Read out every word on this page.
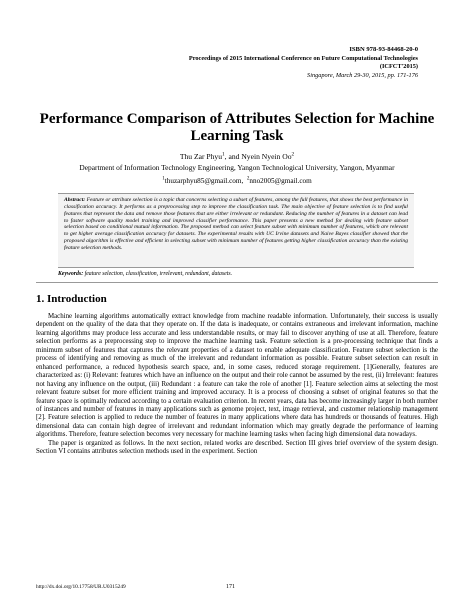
ISBN 978-93-84468-20-0
Proceedings of 2015 International Conference on Future Computational Technologies
(ICFCT'2015)
Singapore, March 29-30, 2015, pp. 171-176
Performance Comparison of Attributes Selection for Machine Learning Task
Thu Zar Phyu$^1$, and Nyein Nyein Oo$^2$
Department of Information Technology Engineering, Yangon Technological University, Yangon, Myanmar
$^1$thuzarphyu85@gmail.com,  $^2$nno2005@gmail.com
Abstract: Feature or attribute selection is a topic that concerns selecting a subset of features, among the full features, that shows the best performance in classification accuracy. It performs as a preprocessing step to improve the classification task. The main objective of feature selection is to find useful features that represent the data and remove those features that are either irrelevant or redundant. Reducing the number of features in a dataset can lead to faster software quality model training and improved classifier performance. This paper presents a new method for dealing with feature subset selection based on conditional mutual information. The proposed method can select feature subset with minimum number of features, which are relevant to get higher average classification accuracy for datasets. The experimental results with UC Irvine datasets and Naive Bayes classifier showed that the proposed algorithm is effective and efficient in selecting subset with minimum number of features getting higher classification accuracy than the existing feature selection methods.
Keywords: feature selection, classification, irrelevant, redundant, datasets.
1. Introduction

Machine learning algorithms automatically extract knowledge from machine readable information. Unfortunately, their success is usually dependent on the quality of the data that they operate on. If the data is inadequate, or contains extraneous and irrelevant information, machine learning algorithms may produce less accurate and less understandable results, or may fail to discover anything of use at all. Therefore, feature selection performs as a preprocessing step to improve the machine learning task. Feature selection is a pre-processing technique that finds a minimum subset of features that captures the relevant properties of a dataset to enable adequate classification. Feature subset selection is the process of identifying and removing as much of the irrelevant and redundant information as possible. Feature subset selection can result in enhanced performance, a reduced hypothesis search space, and, in some cases, reduced storage requirement. [1]Generally, features are characterized as: (i) Relevant: features which have an influence on the output and their role cannot be assumed by the rest, (ii) Irrelevant: features not having any influence on the output, (iii) Redundant : a feature can take the role of another [1]. Feature selection aims at selecting the most relevant feature subset for more efficient training and improved accuracy. It is a process of choosing a subset of original features so that the feature space is optimally reduced according to a certain evaluation criterion. In recent years, data has become increasingly larger in both number of instances and number of features in many applications such as genome project, text, image retrieval, and customer relationship management [2]. Feature selection is applied to reduce the number of features in many applications where data has hundreds or thousands of features. High dimensional data can contain high degree of irrelevant and redundant information which may greatly degrade the performance of learning algorithms. Therefore, feature selection becomes very necessary for machine learning tasks when facing high dimensional data nowadays.

The paper is organized as follows. In the next section, related works are described. Section III gives brief overview of the system design. Section VI contains attributes selection methods used in the experiment. Section

http://dx.doi.org/10.17758/UR.U0315249	171
